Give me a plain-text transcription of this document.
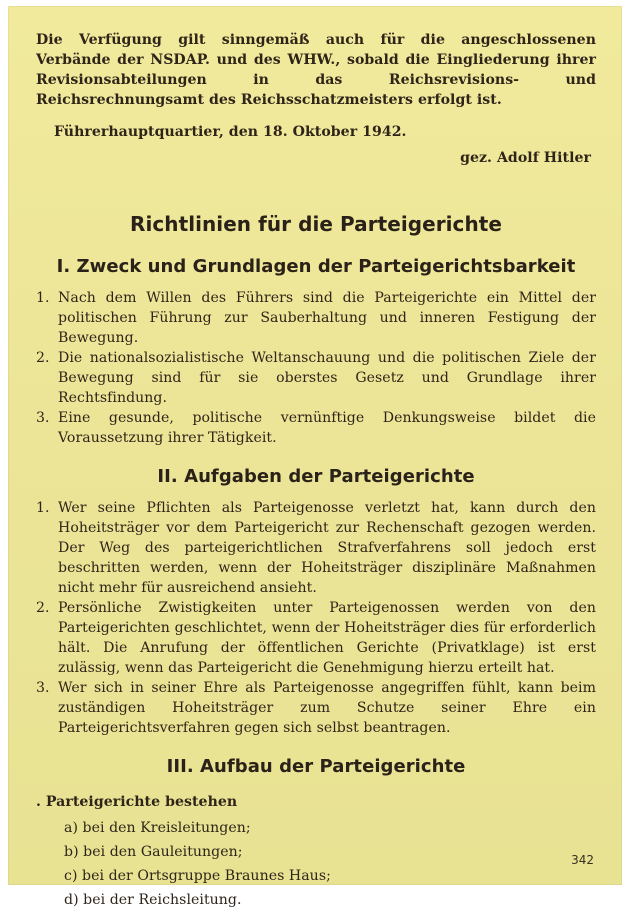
Die Verfügung gilt sinngemäß auch für die angeschlossenen Verbände der NSDAP. und des WHW., sobald die Eingliederung ihrer Revisionsabteilungen in das Reichsrevisions- und Reichsrechnungsamt des Reichsschatzmeisters erfolgt ist.

Führerhauptquartier, den 18. Oktober 1942.

gez. Adolf Hitler

Richtlinien für die Parteigerichte
I. Zweck und Grundlagen der Parteigerichtsbarkeit
1. Nach dem Willen des Führers sind die Parteigerichte ein Mittel der politischen Führung zur Sauberhaltung und inneren Festigung der Bewegung.
2. Die nationalsozialistische Weltanschauung und die politischen Ziele der Bewegung sind für sie oberstes Gesetz und Grundlage ihrer Rechtsfindung.
3. Eine gesunde, politische vernünftige Denkungsweise bildet die Voraussetzung ihrer Tätigkeit.
II. Aufgaben der Parteigerichte
1. Wer seine Pflichten als Parteigenosse verletzt hat, kann durch den Hoheitsträger vor dem Parteigericht zur Rechenschaft gezogen werden. Der Weg des parteigerichtlichen Strafverfahrens soll jedoch erst beschritten werden, wenn der Hoheitsträger disziplinäre Maßnahmen nicht mehr für ausreichend ansieht.
2. Persönliche Zwistigkeiten unter Parteigenossen werden von den Parteigerichten geschlichtet, wenn der Hoheitsträger dies für erforderlich hält. Die Anrufung der öffentlichen Gerichte (Privatklage) ist erst zulässig, wenn das Parteigericht die Genehmigung hierzu erteilt hat.
3. Wer sich in seiner Ehre als Parteigenosse angegriffen fühlt, kann beim zuständigen Hoheitsträger zum Schutze seiner Ehre ein Parteigerichtsverfahren gegen sich selbst beantragen.
III. Aufbau der Parteigerichte
. Parteigerichte bestehen
a) bei den Kreisleitungen;
b) bei den Gauleitungen;
c) bei der Ortsgruppe Braunes Haus;
d) bei der Reichsleitung.
342
